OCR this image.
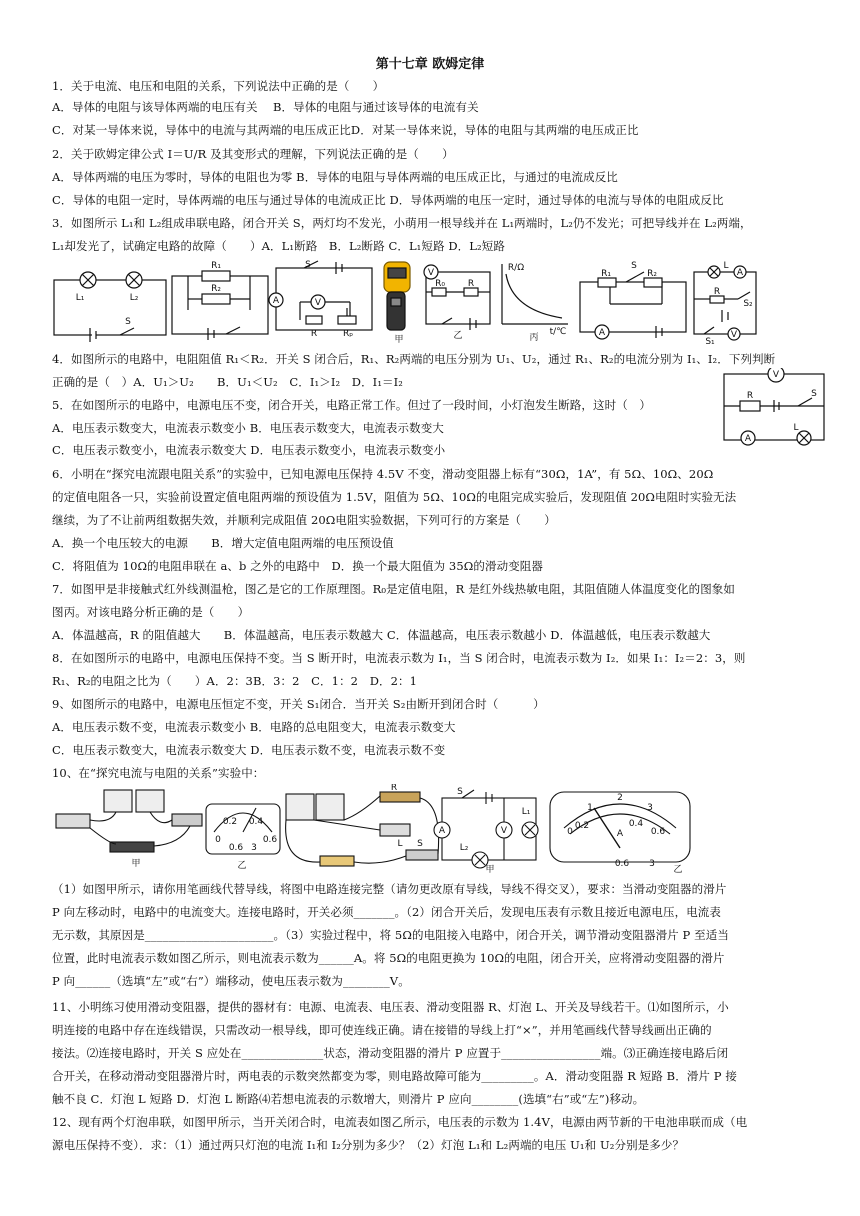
第十七章 欧姆定律
1．关于电流、电压和电阻的关系，下列说法中正确的是（　　）
A．导体的电阻与该导体两端的电压有关　 B．导体的电阻与通过该导体的电流有关
C．对某一导体来说，导体中的电流与其两端的电压成正比D．对某一导体来说，导体的电阻与其两端的电压成正比
2．关于欧姆定律公式 I＝U/R 及其变形式的理解，下列说法正确的是（　　）
A．导体两端的电压为零时，导体的电阻也为零 B．导体的电阻与导体两端的电压成正比，与通过的电流成反比
C．导体的电阻一定时，导体两端的电压与通过导体的电流成正比 D．导体两端的电压一定时，通过导体的电流与导体的电阻成反比
3．如图所示 L₁和 L₂组成串联电路，闭合开关 S，两灯均不发光，小萌用一根导线并在 L₁两端时，L₂仍不发光；可把导线并在 L₂两端，
L₁却发光了，试确定电路的故障（　　）A．L₁断路　B．L₂断路 C．L₁短路 D．L₂短路
L₁	L₂
S
R₁
R₂
A	V
S
R	Rₚ
甲
V
R₀	R
乙
R/Ω
t/℃
丙
R₁	R₂
S
A
L
A
R
S₂
V
S₁
4．如图所示的电路中，电阻阻值 R₁＜R₂．开关 S 闭合后，R₁、R₂两端的电压分别为 U₁、U₂，通过 R₁、R₂的电流分别为 I₁、I₂．下列判断
正确的是（　）A．U₁＞U₂　　B．U₁＜U₂　C．I₁＞I₂　D．I₁＝I₂
5．在如图所示的电路中，电源电压不变，闭合开关，电路正常工作。但过了一段时间，小灯泡发生断路，这时（　）
A．电压表示数变大，电流表示数变小 B．电压表示数变大，电流表示数变大
C．电压表示数变小，电流表示数变大 D．电压表示数变小，电流表示数变小
V
R	S
A
L
6．小明在“探究电流跟电阻关系”的实验中，已知电源电压保持 4.5V 不变，滑动变阻器上标有“30Ω，1A”，有 5Ω、10Ω、20Ω
的定值电阻各一只，实验前设置定值电阻两端的预设值为 1.5V，阻值为 5Ω、10Ω的电阻完成实验后，发现阻值 20Ω电阻时实验无法
继续，为了不让前两组数据失效，并顺利完成阻值 20Ω电阻实验数据，下列可行的方案是（　　）
A．换一个电压较大的电源　　B．增大定值电阻两端的电压预设值
C．将阻值为 10Ω的电阻串联在 a、b 之外的电路中　D．换一个最大阻值为 35Ω的滑动变阻器
7．如图甲是非接触式红外线测温枪，图乙是它的工作原理图。R₀是定值电阻，R 是红外线热敏电阻，其阻值随人体温度变化的图象如
图丙。对该电路分析正确的是（　　）
A．体温越高，R 的阻值越大　　B．体温越高，电压表示数越大 C．体温越高，电压表示数越小 D．体温越低，电压表示数越大
8．在如图所示的电路中，电源电压保持不变。当 S 断开时，电流表示数为 I₁，当 S 闭合时，电流表示数为 I₂．如果 I₁：I₂＝2：3，则
R₁、R₂的电阻之比为（　　）A．2：3B．3：2　C．1：2　D．2：1
9、如图所示的电路中，电源电压恒定不变，开关 S₁闭合．当开关 S₂由断开到闭合时（　　　）
A．电压表示数不变，电流表示数变小 B．电路的总电阻变大，电流表示数变大
C．电压表示数变大，电流表示数变大 D．电压表示数不变，电流表示数不变
10、在“探究电流与电阻的关系”实验中：
甲	乙
0
0.2 0.4
0.6
0.6 3
R
L S
A	V
L₁
L₂
S
甲
0
1
2
3
0.2	0.4
0.6
A
0.6 3
乙
（1）如图甲所示，请你用笔画线代替导线，将图中电路连接完整（请勿更改原有导线，导线不得交叉），要求：当滑动变阻器的滑片
P 向左移动时，电路中的电流变大。连接电路时，开关必须_______。（2）闭合开关后，发现电压表有示数且接近电源电压，电流表
无示数，其原因是______________________。（3）实验过程中，将 5Ω的电阻接入电路中，闭合开关，调节滑动变阻器滑片 P 至适当
位置，此时电流表示数如图乙所示，则电流表示数为______A。将 5Ω的电阻更换为 10Ω的电阻，闭合开关，应将滑动变阻器的滑片
P 向______（选填“左”或“右”）端移动，使电压表示数为________V。
11、小明练习使用滑动变阻器，提供的器材有：电源、电流表、电压表、滑动变阻器 R、灯泡 L、开关及导线若干。⑴如图所示，小
明连接的电路中存在连线错误，只需改动一根导线，即可使连线正确。请在接错的导线上打“×”，并用笔画线代替导线画出正确的
接法。⑵连接电路时，开关 S 应处在______________状态，滑动变阻器的滑片 P 应置于_________________端。⑶正确连接电路后闭
合开关，在移动滑动变阻器滑片时，两电表的示数突然都变为零，则电路故障可能为_________。A．滑动变阻器 R 短路 B．滑片 P 接
触不良 C．灯泡 L 短路 D．灯泡 L 断路⑷若想电流表的示数增大，则滑片 P 应向________(选填“右”或“左”)移动。
12、现有两个灯泡串联，如图甲所示，当开关闭合时，电流表如图乙所示，电压表的示数为 1.4V，电源由两节新的干电池串联而成（电
源电压保持不变）．求：（1）通过两只灯泡的电流 I₁和 I₂分别为多少？（2）灯泡 L₁和 L₂两端的电压 U₁和 U₂分别是多少？
